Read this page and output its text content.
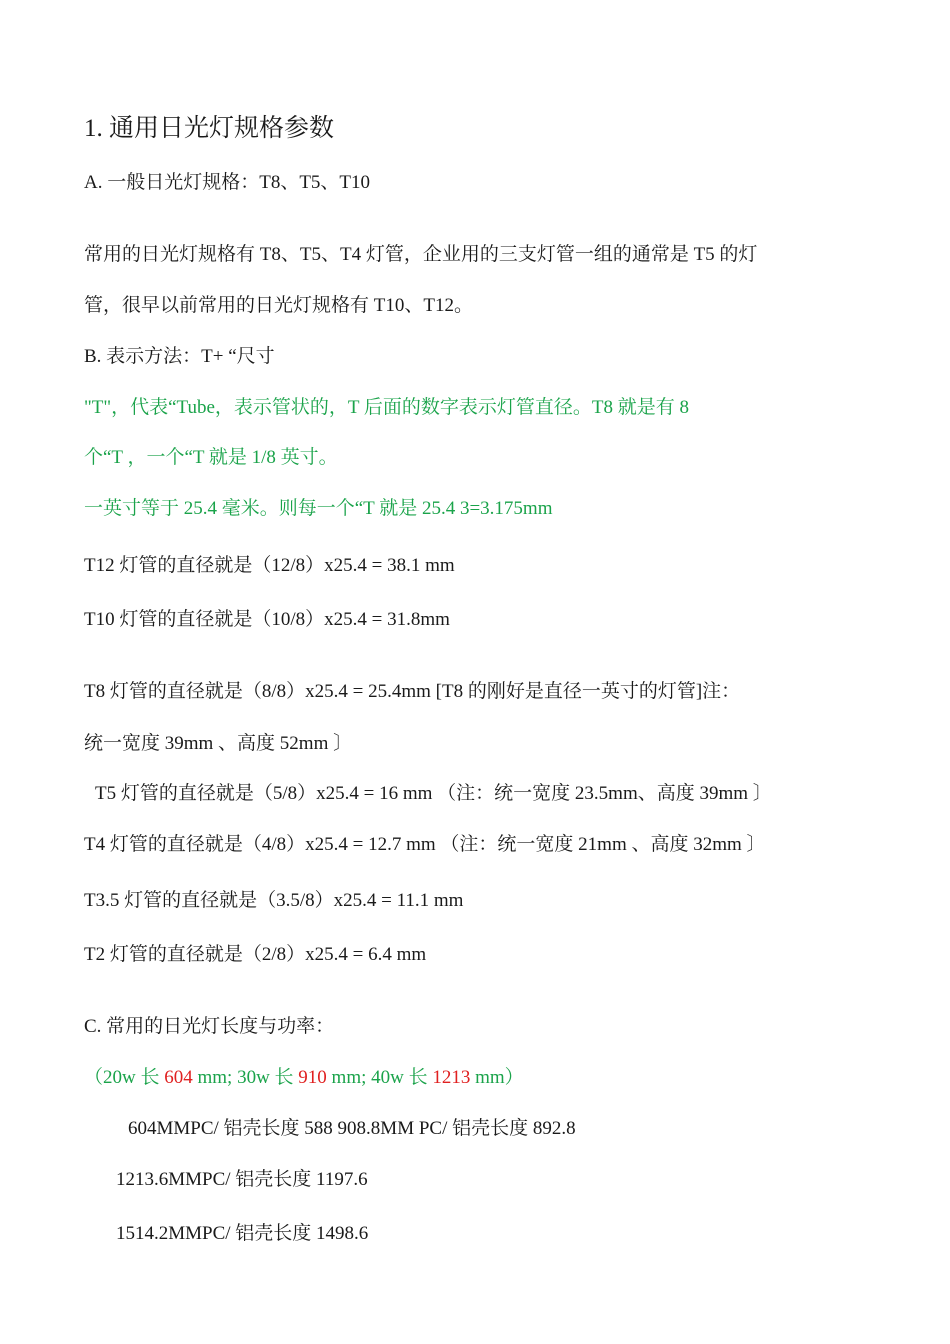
1. 通用日光灯规格参数

A. 一般日光灯规格：T8、T5、T10

常用的日光灯规格有 T8、T5、T4 灯管，企业用的三支灯管一组的通常是 T5 的灯

管，很早以前常用的日光灯规格有 T10、T12。

B. 表示方法：T+ “尺寸

"T"，代表“Tube，表示管状的，T 后面的数字表示灯管直径。T8 就是有 8

个“T ，一个“T 就是 1/8 英寸。

一英寸等于 25.4 毫米。则每一个“T 就是 25.4 3=3.175mm

T12 灯管的直径就是（12/8）x25.4 = 38.1 mm

T10 灯管的直径就是（10/8）x25.4 = 31.8mm

T8 灯管的直径就是（8/8）x25.4 = 25.4mm [T8 的刚好是直径一英寸的灯管]注：

统一宽度 39mm 、高度 52mm 〕

T5 灯管的直径就是（5/8）x25.4 = 16 mm （注：统一宽度 23.5mm、高度 39mm 〕

T4 灯管的直径就是（4/8）x25.4 = 12.7 mm （注：统一宽度 21mm 、高度 32mm 〕

T3.5 灯管的直径就是（3.5/8）x25.4 = 11.1 mm

T2 灯管的直径就是（2/8）x25.4 = 6.4 mm

C. 常用的日光灯长度与功率：

（20w 长 604 mm; 30w 长 910 mm; 40w 长 1213 mm）

604MMPC/ 铝壳长度 588 908.8MM PC/ 铝壳长度 892.8

1213.6MMPC/ 铝壳长度 1197.6

1514.2MMPC/ 铝壳长度 1498.6
